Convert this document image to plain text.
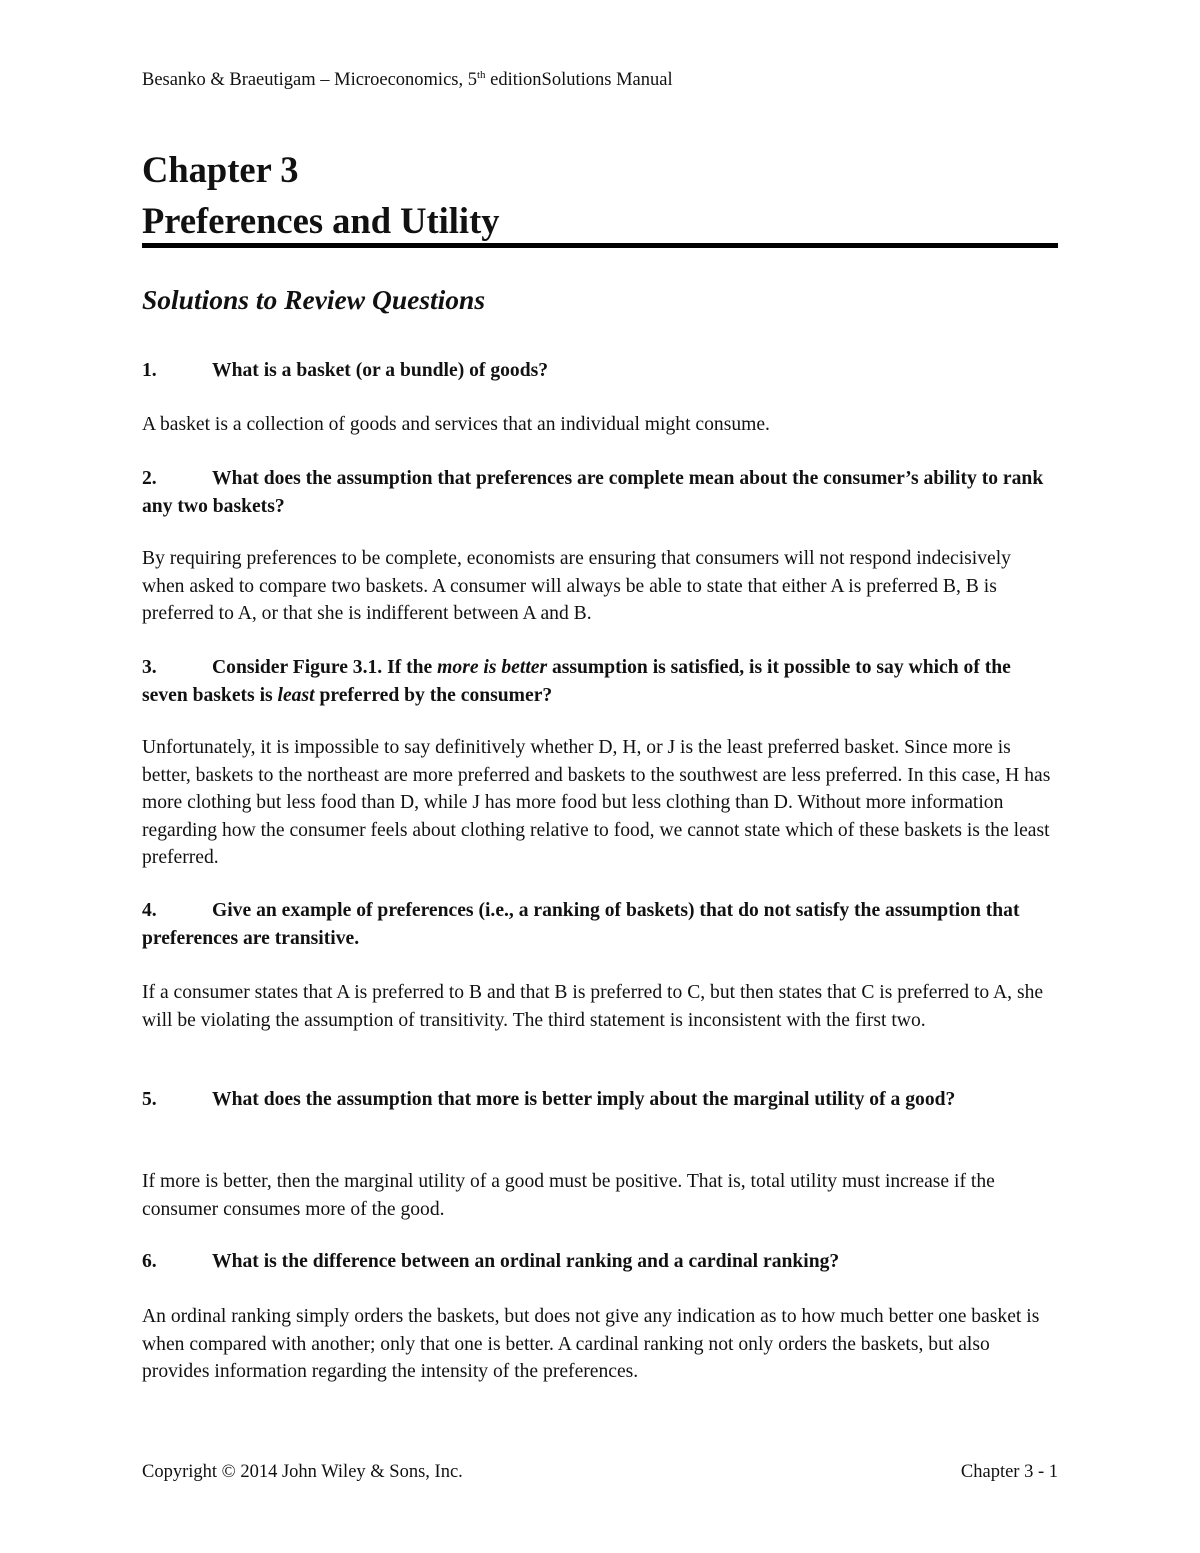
Besanko & Braeutigam – Microeconomics, 5th editionSolutions Manual
Chapter 3
Preferences and Utility
Solutions to Review Questions
1.	What is a basket (or a bundle) of goods?
A basket is a collection of goods and services that an individual might consume.
2.	What does the assumption that preferences are complete mean about the consumer’s ability to rank any two baskets?
By requiring preferences to be complete, economists are ensuring that consumers will not respond indecisively when asked to compare two baskets. A consumer will always be able to state that either A is preferred B, B is preferred to A, or that she is indifferent between A and B.
3.	Consider Figure 3.1. If the more is better assumption is satisfied, is it possible to say which of the seven baskets is least preferred by the consumer?
Unfortunately, it is impossible to say definitively whether D, H, or J is the least preferred basket. Since more is better, baskets to the northeast are more preferred and baskets to the southwest are less preferred. In this case, H has more clothing but less food than D, while J has more food but less clothing than D. Without more information regarding how the consumer feels about clothing relative to food, we cannot state which of these baskets is the least preferred.
4.	Give an example of preferences (i.e., a ranking of baskets) that do not satisfy the assumption that preferences are transitive.
If a consumer states that A is preferred to B and that B is preferred to C, but then states that C is preferred to A, she will be violating the assumption of transitivity. The third statement is inconsistent with the first two.
5.	What does the assumption that more is better imply about the marginal utility of a good?
If more is better, then the marginal utility of a good must be positive. That is, total utility must increase if the consumer consumes more of the good.
6.	What is the difference between an ordinal ranking and a cardinal ranking?
An ordinal ranking simply orders the baskets, but does not give any indication as to how much better one basket is when compared with another; only that one is better. A cardinal ranking not only orders the baskets, but also provides information regarding the intensity of the preferences.
Copyright © 2014 John Wiley & Sons, Inc.	Chapter 3 - 1
